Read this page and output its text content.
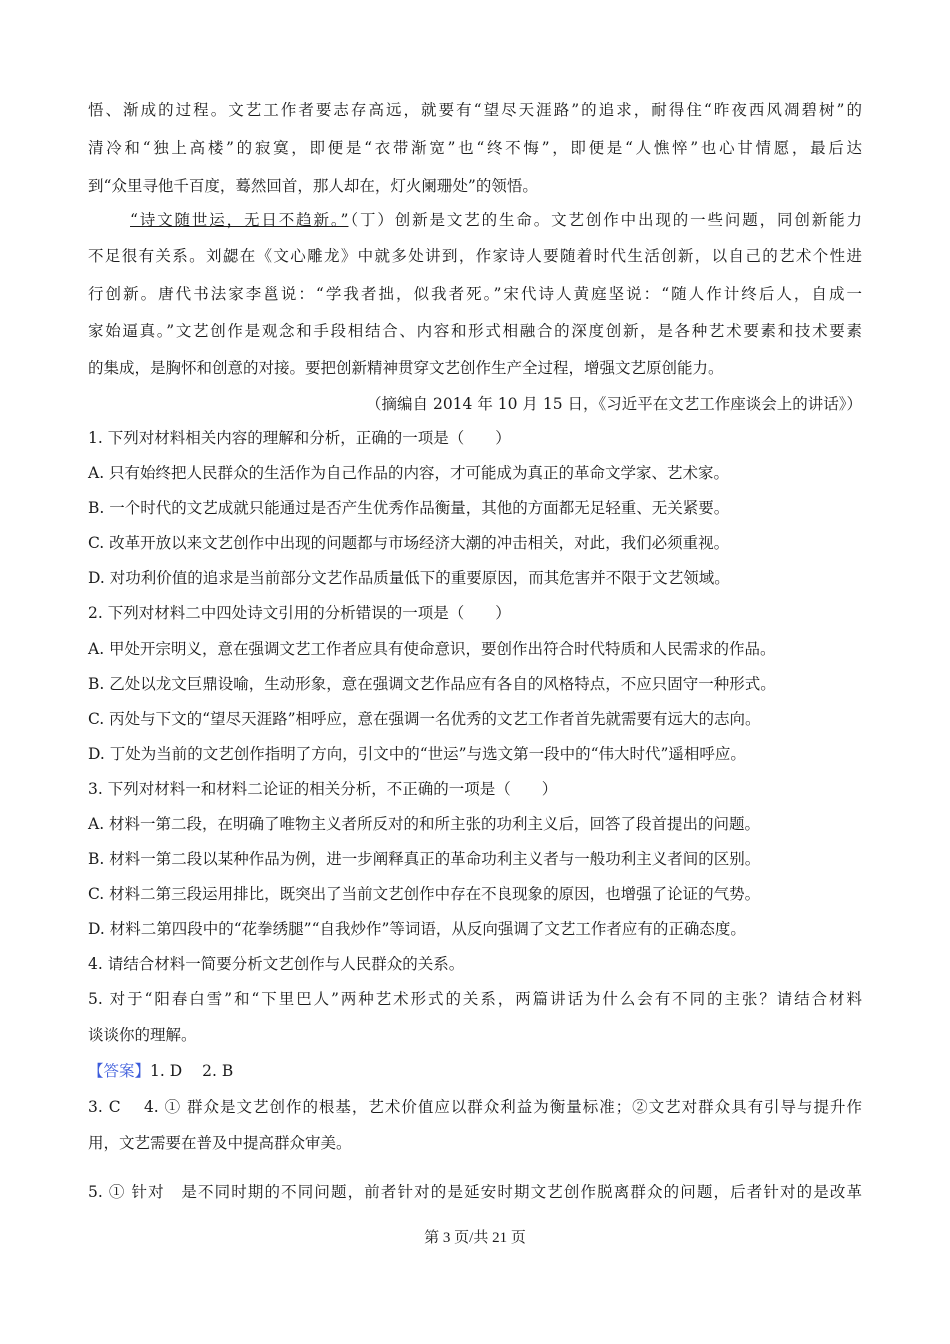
悟、渐成的过程。文艺工作者要志存高远，就要有“望尽天涯路”的追求，耐得住“昨夜西风凋碧树”的
清冷和“独上高楼”的寂寞，即便是“衣带渐宽”也“终不悔”，即便是“人憔悴”也心甘情愿，最后达
到“众里寻他千百度，蓦然回首，那人却在，灯火阑珊处”的领悟。
“诗文随世运，无日不趋新。”（丁）创新是文艺的生命。文艺创作中出现的一些问题，同创新能力
不足很有关系。刘勰在《文心雕龙》中就多处讲到，作家诗人要随着时代生活创新，以自己的艺术个性进
行创新。唐代书法家李邕说：“学我者拙，似我者死。”宋代诗人黄庭坚说：“随人作计终后人，自成一
家始逼真。”文艺创作是观念和手段相结合、内容和形式相融合的深度创新，是各种艺术要素和技术要素
的集成，是胸怀和创意的对接。要把创新精神贯穿文艺创作生产全过程，增强文艺原创能力。
（摘编自 2014 年 10 月 15 日，《习近平在文艺工作座谈会上的讲话》）
1. 下列对材料相关内容的理解和分析，正确的一项是（　　）
A. 只有始终把人民群众的生活作为自己作品的内容，才可能成为真正的革命文学家、艺术家。
B. 一个时代的文艺成就只能通过是否产生优秀作品衡量，其他的方面都无足轻重、无关紧要。
C. 改革开放以来文艺创作中出现的问题都与市场经济大潮的冲击相关，对此，我们必须重视。
D. 对功利价值的追求是当前部分文艺作品质量低下的重要原因，而其危害并不限于文艺领域。
2. 下列对材料二中四处诗文引用的分析错误的一项是（　　）
A. 甲处开宗明义，意在强调文艺工作者应具有使命意识，要创作出符合时代特质和人民需求的作品。
B. 乙处以龙文巨鼎设喻，生动形象，意在强调文艺作品应有各自的风格特点，不应只固守一种形式。
C. 丙处与下文的“望尽天涯路”相呼应，意在强调一名优秀的文艺工作者首先就需要有远大的志向。
D. 丁处为当前的文艺创作指明了方向，引文中的“世运”与选文第一段中的“伟大时代”遥相呼应。
3. 下列对材料一和材料二论证的相关分析，不正确的一项是（　　）
A. 材料一第二段，在明确了唯物主义者所反对的和所主张的功利主义后，回答了段首提出的问题。
B. 材料一第二段以某种作品为例，进一步阐释真正的革命功利主义者与一般功利主义者间的区别。
C. 材料二第三段运用排比，既突出了当前文艺创作中存在不良现象的原因，也增强了论证的气势。
D. 材料二第四段中的“花拳绣腿”“自我炒作”等词语，从反向强调了文艺工作者应有的正确态度。
4. 请结合材料一简要分析文艺创作与人民群众的关系。
5. 对于“阳春白雪”和“下里巴人”两种艺术形式的关系，两篇讲话为什么会有不同的主张？请结合材料
谈谈你的理解。
【答案】1. D 2. B
3. C　 4. ① 群众是文艺创作的根基，艺术价值应以群众利益为衡量标准；②文艺对群众具有引导与提升作
用，文艺需要在普及中提高群众审美。
5. ① 针对　是不同时期的不同问题，前者针对的是延安时期文艺创作脱离群众的问题，后者针对的是改革
第 3 页/共 21 页
